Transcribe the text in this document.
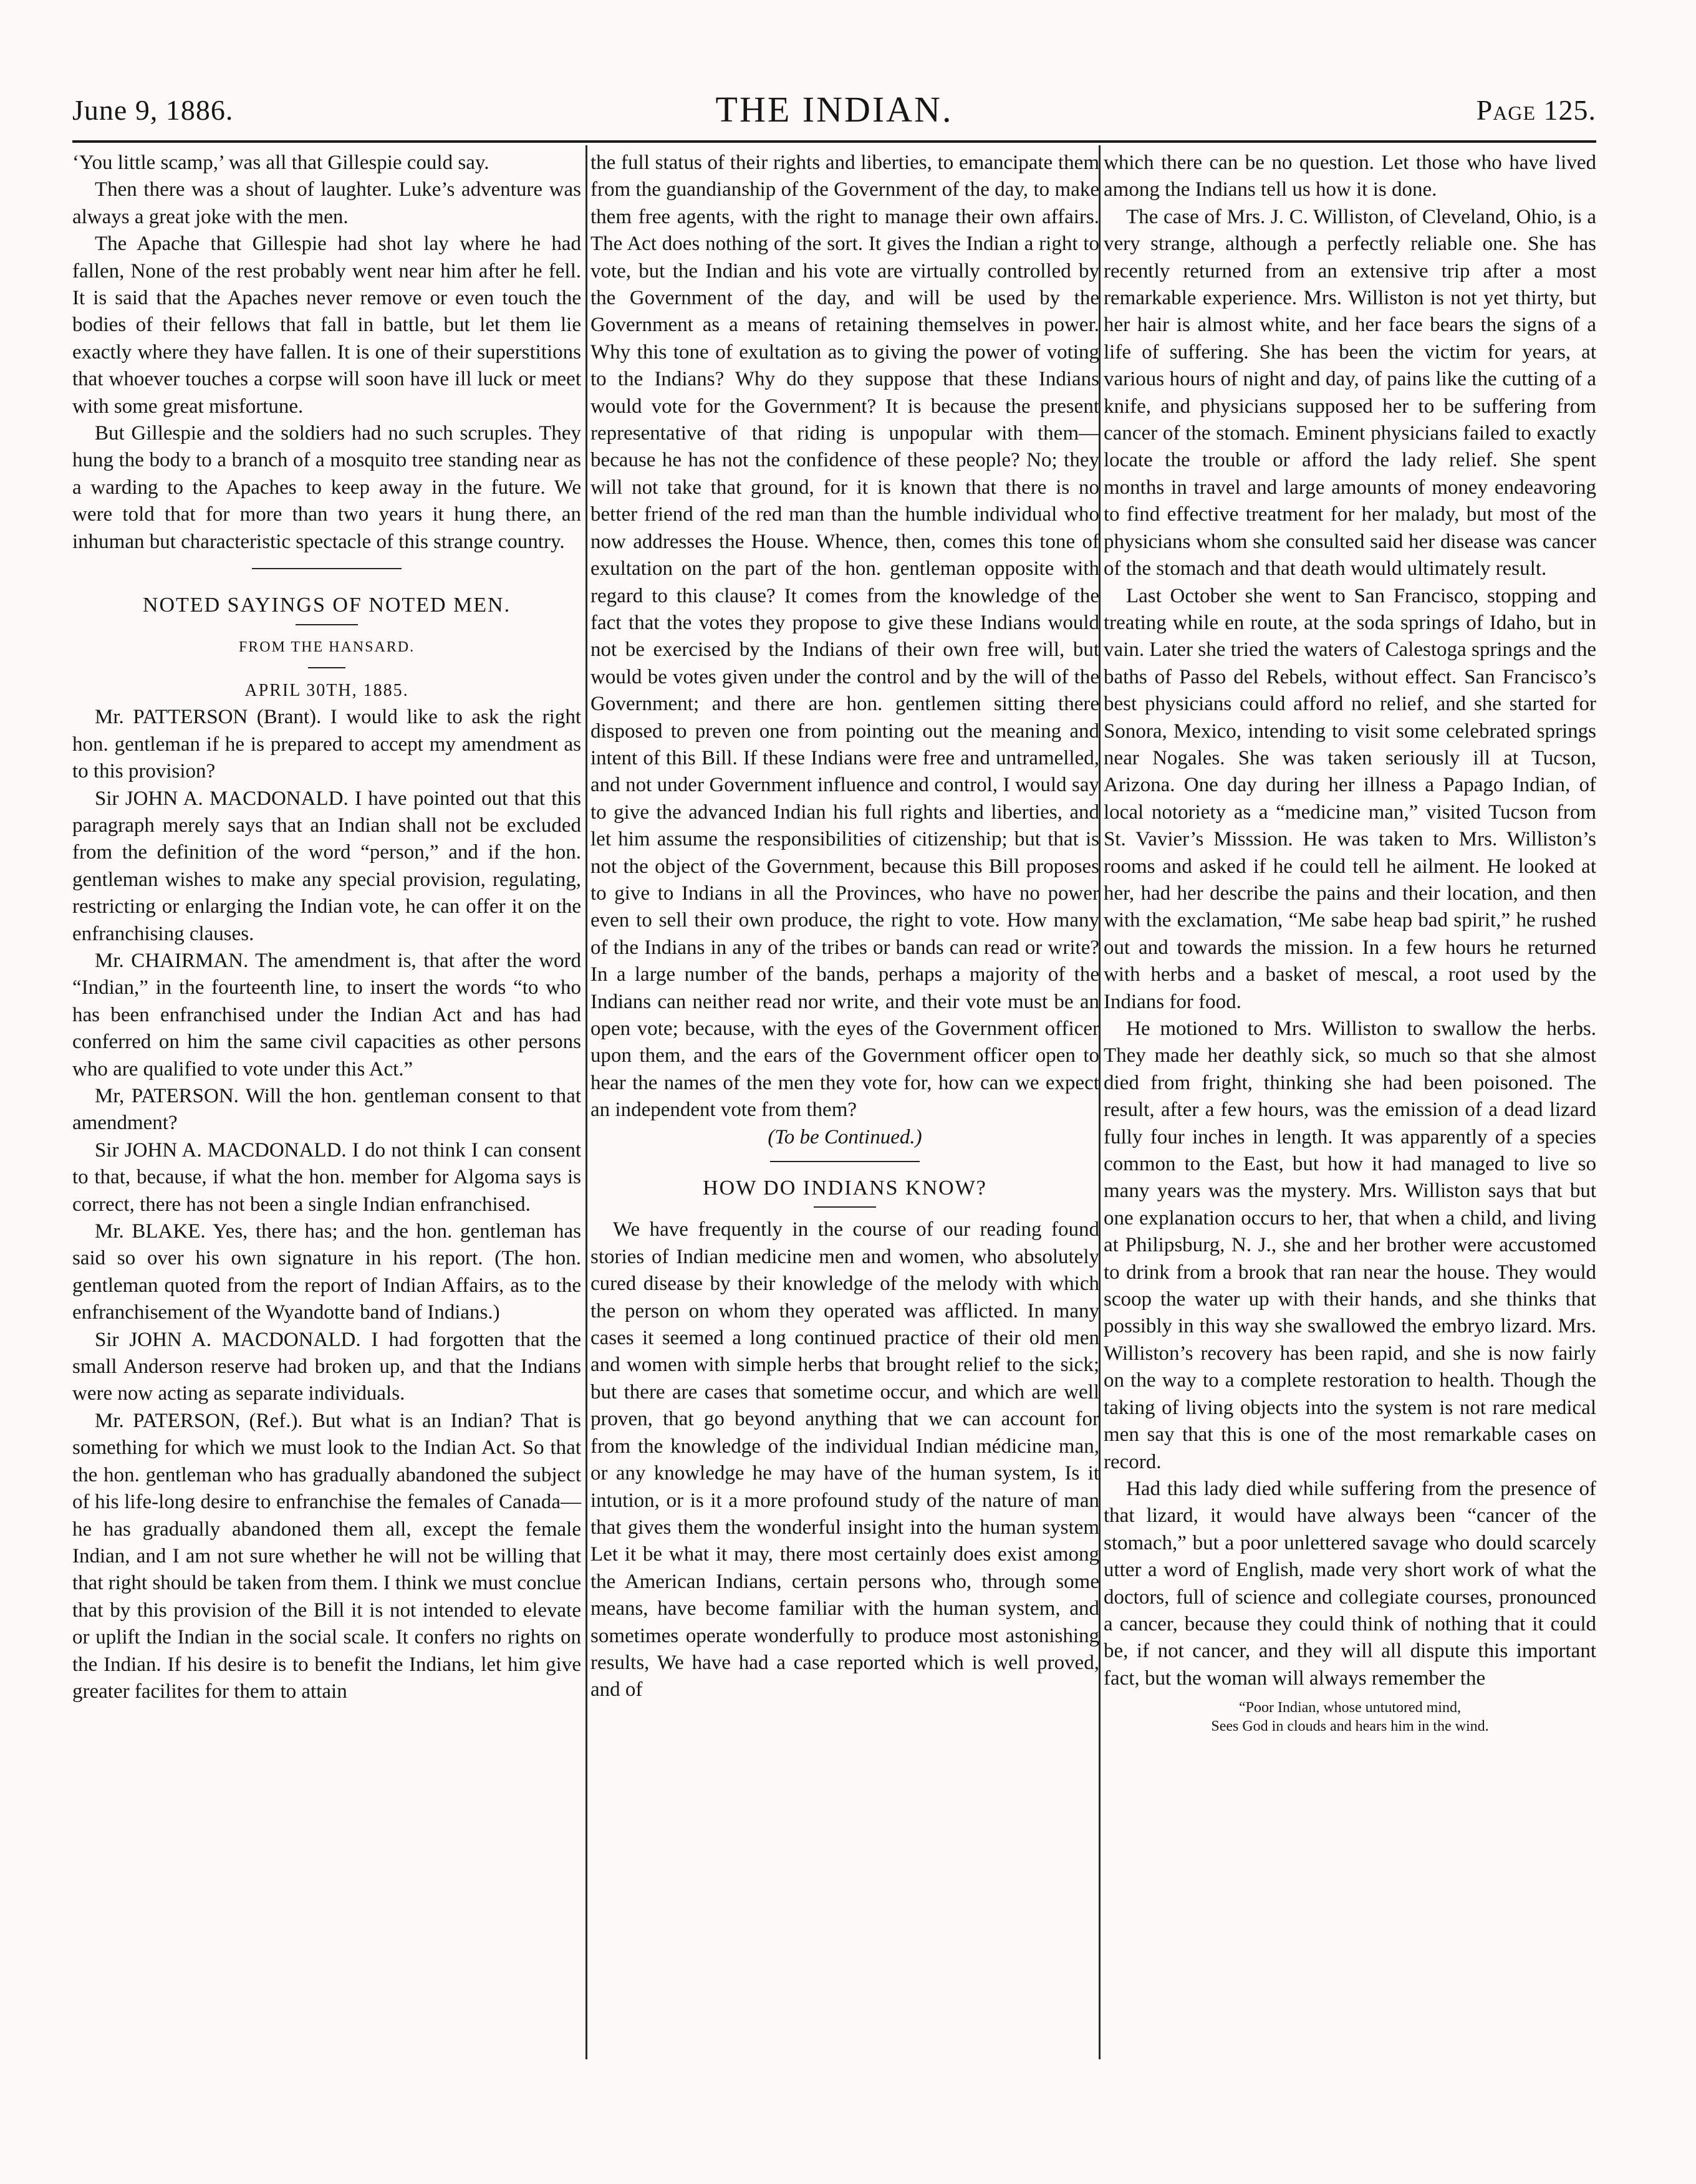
June 9, 1886.	THE INDIAN.	Page 125.

‘You little scamp,’ was all that Gillespie could say.

Then there was a shout of laughter. Luke’s adventure was always a great joke with the men.

The Apache that Gillespie had shot lay where he had fallen, None of the rest probably went near him after he fell. It is said that the Apaches never remove or even touch the bodies of their fellows that fall in battle, but let them lie exactly where they have fallen. It is one of their superstitions that whoever touches a corpse will soon have ill luck or meet with some great misfortune.

But Gillespie and the soldiers had no such scruples. They hung the body to a branch of a mosquito tree standing near as a warding to the Apaches to keep away in the future. We were told that for more than two years it hung there, an inhuman but characteristic spectacle of this strange country.

NOTED SAYINGS OF NOTED MEN.

FROM THE HANSARD.

APRIL 30TH, 1885.

Mr. PATTERSON (Brant). I would like to ask the right hon. gentleman if he is prepared to accept my amendment as to this provision?

Sir JOHN A. MACDONALD. I have pointed out that this paragraph merely says that an Indian shall not be excluded from the definition of the word “person,” and if the hon. gentleman wishes to make any special provision, regulating, restricting or enlarging the Indian vote, he can offer it on the enfranchising clauses.

Mr. CHAIRMAN. The amendment is, that after the word “Indian,” in the fourteenth line, to insert the words “to who has been enfranchised under the Indian Act and has had conferred on him the same civil capacities as other persons who are qualified to vote under this Act.”

Mr, PATERSON. Will the hon. gentleman consent to that amendment?

Sir JOHN A. MACDONALD. I do not think I can consent to that, because, if what the hon. member for Algoma says is correct, there has not been a single Indian enfranchised.

Mr. BLAKE. Yes, there has; and the hon. gentleman has said so over his own signature in his report. (The hon. gentleman quoted from the report of Indian Affairs, as to the enfranchisement of the Wyandotte band of Indians.)

Sir JOHN A. MACDONALD. I had forgotten that the small Anderson reserve had broken up, and that the Indians were now acting as separate individuals.

Mr. PATERSON, (Ref.). But what is an Indian? That is something for which we must look to the Indian Act. So that the hon. gentleman who has gradually abandoned the subject of his life-long desire to enfranchise the females of Canada—he has gradually abandoned them all, except the female Indian, and I am not sure whether he will not be willing that that right should be taken from them. I think we must conclue that by this provision of the Bill it is not intended to elevate or uplift the Indian in the social scale. It confers no rights on the Indian. If his desire is to benefit the Indians, let him give greater facilites for them to attain

the full status of their rights and liberties, to emancipate them from the guandianship of the Government of the day, to make them free agents, with the right to manage their own affairs. The Act does nothing of the sort. It gives the Indian a right to vote, but the Indian and his vote are virtually controlled by the Government of the day, and will be used by the Government as a means of retaining themselves in power. Why this tone of exultation as to giving the power of voting to the Indians? Why do they suppose that these Indians would vote for the Government? It is because the present representative of that riding is unpopular with them—because he has not the confidence of these people? No; they will not take that ground, for it is known that there is no better friend of the red man than the humble individual who now addresses the House. Whence, then, comes this tone of exultation on the part of the hon. gentleman opposite with regard to this clause? It comes from the knowledge of the fact that the votes they propose to give these Indians would not be exercised by the Indians of their own free will, but would be votes given under the control and by the will of the Government; and there are hon. gentlemen sitting there disposed to preven one from pointing out the meaning and intent of this Bill. If these Indians were free and untramelled, and not under Government influence and control, I would say to give the advanced Indian his full rights and liberties, and let him assume the responsibilities of citizenship; but that is not the object of the Government, because this Bill proposes to give to Indians in all the Provinces, who have no power even to sell their own produce, the right to vote. How many of the Indians in any of the tribes or bands can read or write? In a large number of the bands, perhaps a majority of the Indians can neither read nor write, and their vote must be an open vote; because, with the eyes of the Government officer upon them, and the ears of the Government officer open to hear the names of the men they vote for, how can we expect an independent vote from them?

(To be Continued.)

HOW DO INDIANS KNOW?

We have frequently in the course of our reading found stories of Indian medicine men and women, who absolutely cured disease by their knowledge of the melody with which the person on whom they operated was afflicted. In many cases it seemed a long continued practice of their old men and women with simple herbs that brought relief to the sick; but there are cases that sometime occur, and which are well proven, that go beyond anything that we can account for from the knowledge of the individual Indian médicine man, or any knowledge he may have of the human system, Is it intution, or is it a more profound study of the nature of man that gives them the wonderful insight into the human system Let it be what it may, there most certainly does exist among the American Indians, certain persons who, through some means, have become familiar with the human system, and sometimes operate wonderfully to produce most astonishing results, We have had a case reported which is well proved, and of

which there can be no question. Let those who have lived among the Indians tell us how it is done.

The case of Mrs. J. C. Williston, of Cleveland, Ohio, is a very strange, although a perfectly reliable one. She has recently returned from an extensive trip after a most remarkable experience. Mrs. Williston is not yet thirty, but her hair is almost white, and her face bears the signs of a life of suffering. She has been the victim for years, at various hours of night and day, of pains like the cutting of a knife, and physicians supposed her to be suffering from cancer of the stomach. Eminent physicians failed to exactly locate the trouble or afford the lady relief. She spent months in travel and large amounts of money endeavoring to find effective treatment for her malady, but most of the physicians whom she consulted said her disease was cancer of the stomach and that death would ultimately result.

Last October she went to San Francisco, stopping and treating while en route, at the soda springs of Idaho, but in vain. Later she tried the waters of Calestoga springs and the baths of Passo del Rebels, without effect. San Francisco’s best physicians could afford no relief, and she started for Sonora, Mexico, intending to visit some celebrated springs near Nogales. She was taken seriously ill at Tucson, Arizona. One day during her illness a Papago Indian, of local notoriety as a “medicine man,” visited Tucson from St. Vavier’s Misssion. He was taken to Mrs. Williston’s rooms and asked if he could tell he ailment. He looked at her, had her describe the pains and their location, and then with the exclamation, “Me sabe heap bad spirit,” he rushed out and towards the mission. In a few hours he returned with herbs and a basket of mescal, a root used by the Indians for food.

He motioned to Mrs. Williston to swallow the herbs. They made her deathly sick, so much so that she almost died from fright, thinking she had been poisoned. The result, after a few hours, was the emission of a dead lizard fully four inches in length. It was apparently of a species common to the East, but how it had managed to live so many years was the mystery. Mrs. Williston says that but one explanation occurs to her, that when a child, and living at Philipsburg, N. J., she and her brother were accustomed to drink from a brook that ran near the house. They would scoop the water up with their hands, and she thinks that possibly in this way she swallowed the embryo lizard. Mrs. Williston’s recovery has been rapid, and she is now fairly on the way to a complete restoration to health. Though the taking of living objects into the system is not rare medical men say that this is one of the most remarkable cases on record.

Had this lady died while suffering from the presence of that lizard, it would have always been “cancer of the stomach,” but a poor unlettered savage who dould scarcely utter a word of English, made very short work of what the doctors, full of science and collegiate courses, pronounced a cancer, because they could think of nothing that it could be, if not cancer, and they will all dispute this important fact, but the woman will always remember the

“Poor Indian, whose untutored mind,

Sees God in clouds and hears him in the wind.
